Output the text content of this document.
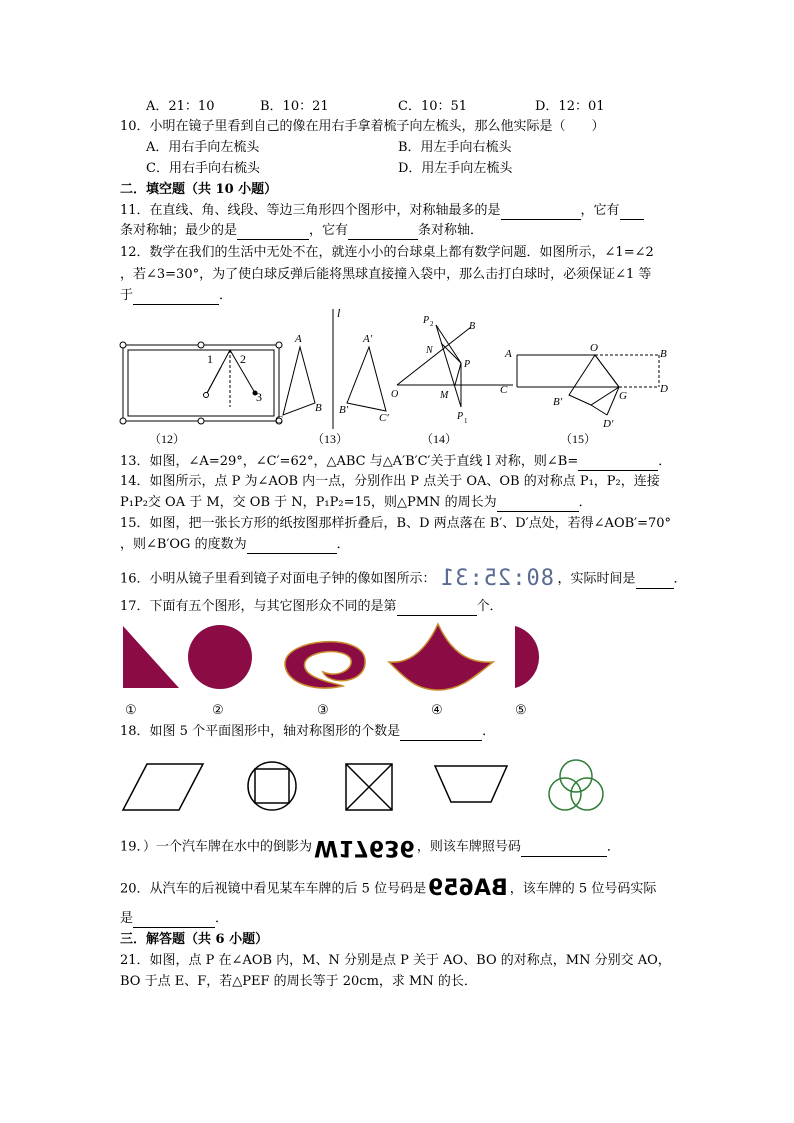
A．21：10	B．10：21	C．10：51	D．12：01
10．小明在镜子里看到自己的像在用右手拿着梳子向左梳头，那么他实际是（　　）
A．用右手向左梳头	B．用左手向右梳头
C．用右手向右梳头	D．用左手向左梳头
二．填空题（共 10 小题）
11．在直线、角、线段、等边三角形四个图形中，对称轴最多的是	，它有
条对称轴；最少的是	，它有	条对称轴．
12．数学在我们的生活中无处不在，就连小小的台球桌上都有数学问题．如图所示，∠1=∠2
，若∠3=30°，为了使白球反弹后能将黑球直接撞入袋中，那么击打白球时，必须保证∠1 等
于	．
1 2
3
（12）
l
A
B
C
A′
B′
C′
（13）
P 2	B
N
P
O	M
P 1
（14）
A	O	B
C	D
B′	G
D′
（15）
13．如图，∠A=29°，∠C′=62°，△ABC 与△A′B′C′关于直线 l 对称，则∠B=	．
14．如图所示，点 P 为∠AOB 内一点，分别作出 P 点关于 OA、OB 的对称点 P₁，P₂，连接
P₁P₂交 OA 于 M，交 OB 于 N，P₁P₂=15，则△PMN 的周长为	．
15．如图，把一张长方形的纸按图那样折叠后，B、D 两点落在 B′、D′点处，若得∠AOB′=70°
，则∠B′OG 的度数为	．
16．小明从镜子里看到镜子对面电子钟的像如图所示： 80:25:31 ，实际时间是	．
17．下面有五个图形，与其它图形众不同的是第	个．
①	②	③	④	⑤
18．如图 5 个平面图形中，轴对称图形的个数是	．
19．）一个汽车牌在水中的倒影为W17636 ，则该车牌照号码	．
20．从汽车的后视镜中看见某车车牌的后 5 位号码是BA659 ，该车牌的 5 位号码实际
是	．
三．解答题（共 6 小题）
21．如图，点 P 在∠AOB 内，M、N 分别是点 P 关于 AO、BO 的对称点，MN 分别交 AO，
BO 于点 E、F，若△PEF 的周长等于 20cm，求 MN 的长．
